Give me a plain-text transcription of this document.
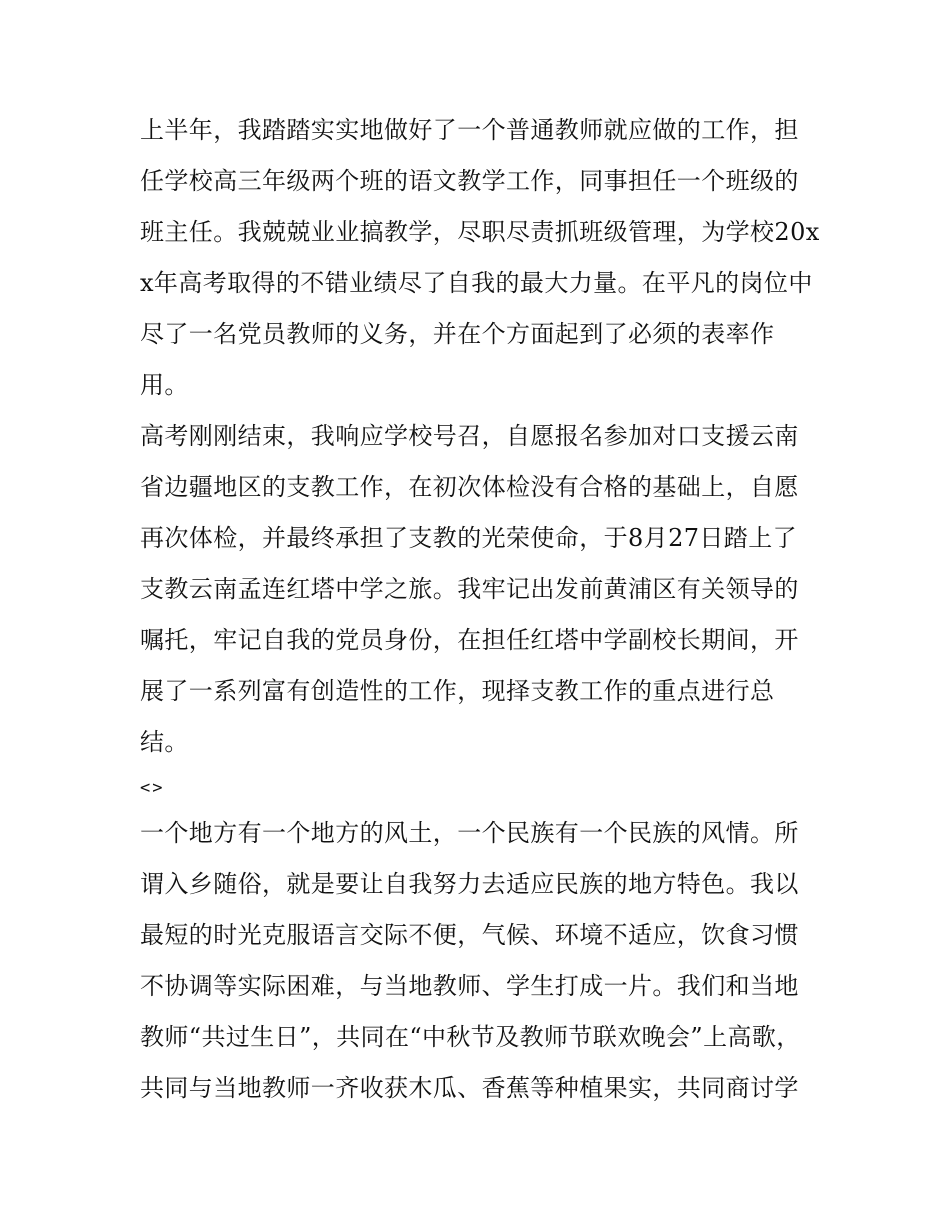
上半年，我踏踏实实地做好了一个普通教师就应做的工作，担任学校高三年级两个班的语文教学工作，同事担任一个班级的班主任。我兢兢业业搞教学，尽职尽责抓班级管理，为学校20xx年高考取得的不错业绩尽了自我的最大力量。在平凡的岗位中尽了一名党员教师的义务，并在个方面起到了必须的表率作用。

高考刚刚结束，我响应学校号召，自愿报名参加对口支援云南省边疆地区的支教工作，在初次体检没有合格的基础上，自愿再次体检，并最终承担了支教的光荣使命，于8月27日踏上了支教云南孟连红塔中学之旅。我牢记出发前黄浦区有关领导的嘱托，牢记自我的党员身份，在担任红塔中学副校长期间，开展了一系列富有创造性的工作，现择支教工作的重点进行总结。

<>

一个地方有一个地方的风土，一个民族有一个民族的风情。所谓入乡随俗，就是要让自我努力去适应民族的地方特色。我以最短的时光克服语言交际不便，气候、环境不适应，饮食习惯不协调等实际困难，与当地教师、学生打成一片。我们和当地教师“共过生日”，共同在“中秋节及教师节联欢晚会”上高歌，共同与当地教师一齐收获木瓜、香蕉等种植果实，共同商讨学
